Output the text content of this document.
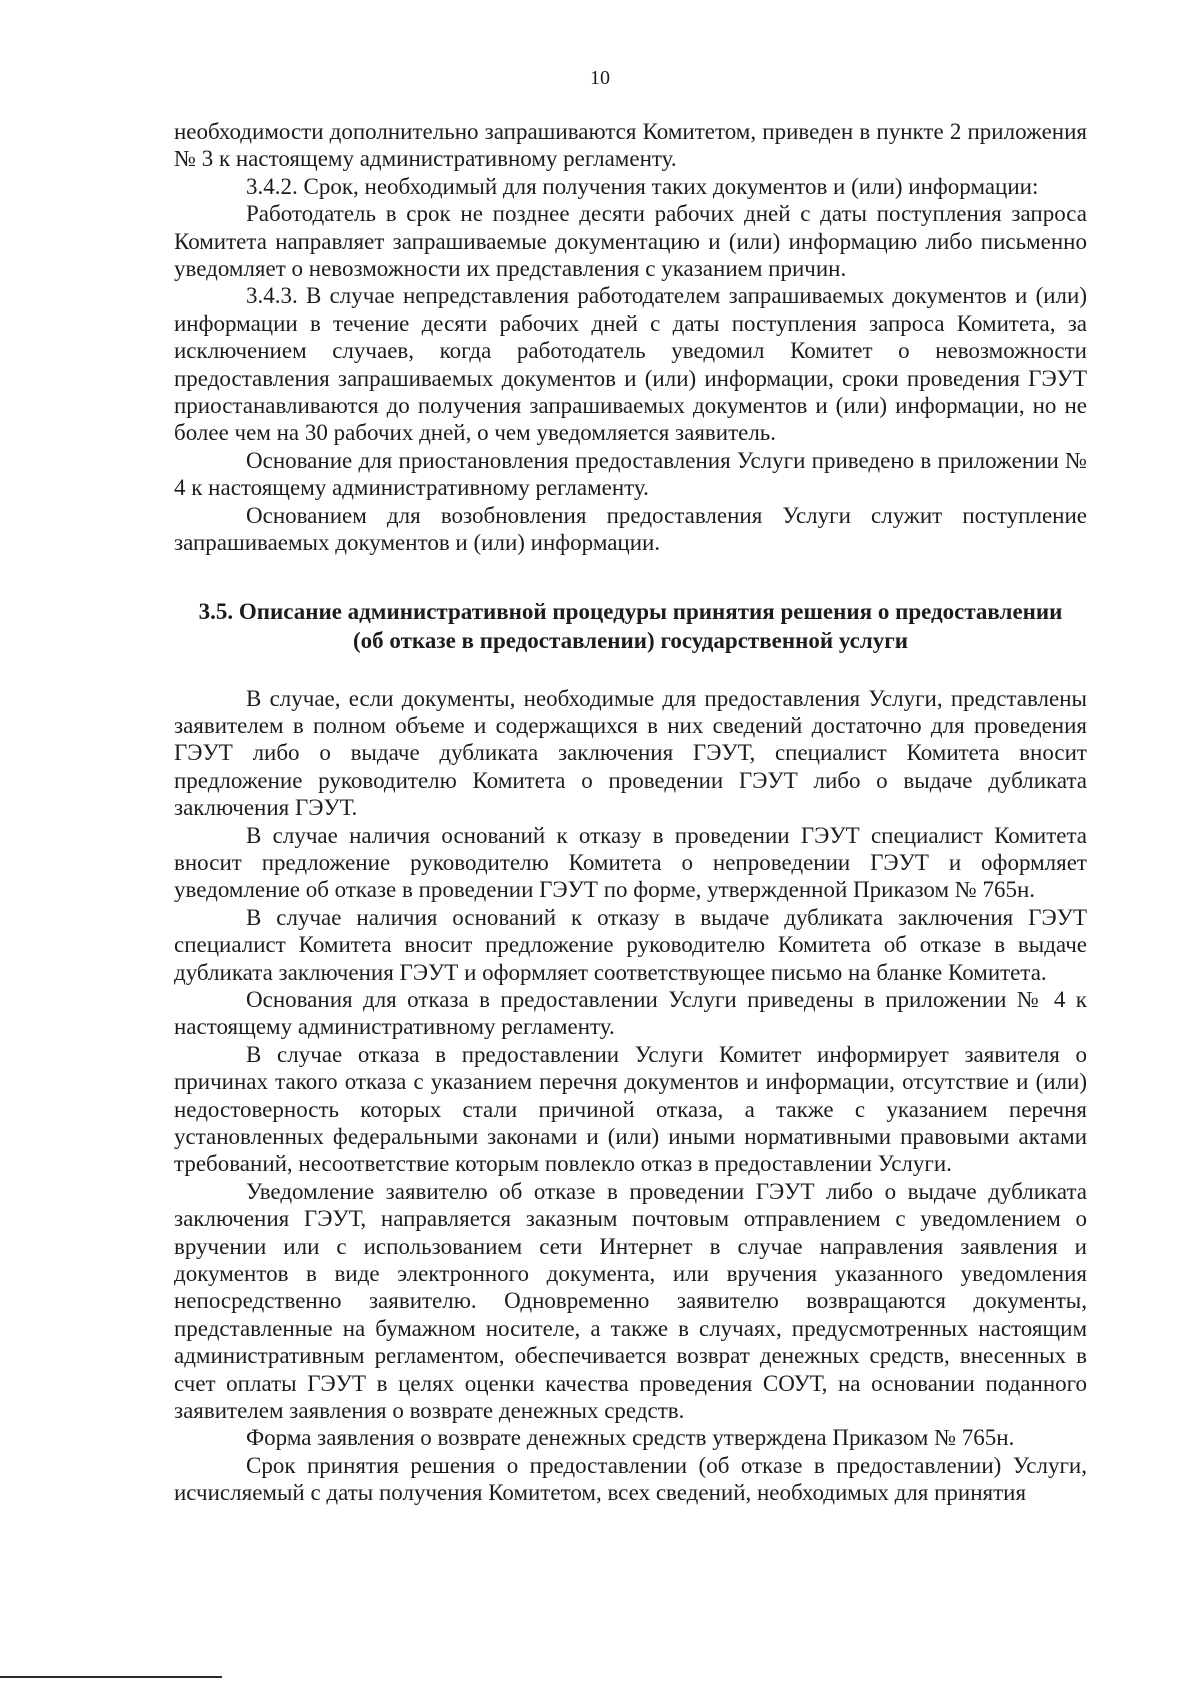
10

необходимости дополнительно запрашиваются Комитетом, приведен в пункте 2 приложения № 3 к настоящему административному регламенту.

3.4.2. Срок, необходимый для получения таких документов и (или) информации:

Работодатель в срок не позднее десяти рабочих дней с даты поступления запроса Комитета направляет запрашиваемые документацию и (или) информацию либо письменно уведомляет о невозможности их представления с указанием причин.

3.4.3. В случае непредставления работодателем запрашиваемых документов и (или) информации в течение десяти рабочих дней с даты поступления запроса Комитета, за исключением случаев, когда работодатель уведомил Комитет о невозможности предоставления запрашиваемых документов и (или) информации, сроки проведения ГЭУТ приостанавливаются до получения запрашиваемых документов и (или) информации, но не более чем на 30 рабочих дней, о чем уведомляется заявитель.

Основание для приостановления предоставления Услуги приведено в приложении № 4 к настоящему административному регламенту.

Основанием для возобновления предоставления Услуги служит поступление запрашиваемых документов и (или) информации.

3.5. Описание административной процедуры принятия решения о предоставлении
(об отказе в предоставлении) государственной услуги

В случае, если документы, необходимые для предоставления Услуги, представлены заявителем в полном объеме и содержащихся в них сведений достаточно для проведения ГЭУТ либо о выдаче дубликата заключения ГЭУТ, специалист Комитета вносит предложение руководителю Комитета о проведении ГЭУТ либо о выдаче дубликата заключения ГЭУТ.

В случае наличия оснований к отказу в проведении ГЭУТ специалист Комитета вносит предложение руководителю Комитета о непроведении ГЭУТ и оформляет уведомление об отказе в проведении ГЭУТ по форме, утвержденной Приказом № 765н.

В случае наличия оснований к отказу в выдаче дубликата заключения ГЭУТ специалист Комитета вносит предложение руководителю Комитета об отказе в выдаче дубликата заключения ГЭУТ и оформляет соответствующее письмо на бланке Комитета.

Основания для отказа в предоставлении Услуги приведены в приложении № 4 к настоящему административному регламенту.

В случае отказа в предоставлении Услуги Комитет информирует заявителя о причинах такого отказа с указанием перечня документов и информации, отсутствие и (или) недостоверность которых стали причиной отказа, а также с указанием перечня установленных федеральными законами и (или) иными нормативными правовыми актами требований, несоответствие которым повлекло отказ в предоставлении Услуги.

Уведомление заявителю об отказе в проведении ГЭУТ либо о выдаче дубликата заключения ГЭУТ, направляется заказным почтовым отправлением с уведомлением о вручении или с использованием сети Интернет в случае направления заявления и документов в виде электронного документа, или вручения указанного уведомления непосредственно заявителю. Одновременно заявителю возвращаются документы, представленные на бумажном носителе, а также в случаях, предусмотренных настоящим административным регламентом, обеспечивается возврат денежных средств, внесенных в счет оплаты ГЭУТ в целях оценки качества проведения СОУТ, на основании поданного заявителем заявления о возврате денежных средств.

Форма заявления о возврате денежных средств утверждена Приказом № 765н.

Срок принятия решения о предоставлении (об отказе в предоставлении) Услуги, исчисляемый с даты получения Комитетом, всех сведений, необходимых для принятия
